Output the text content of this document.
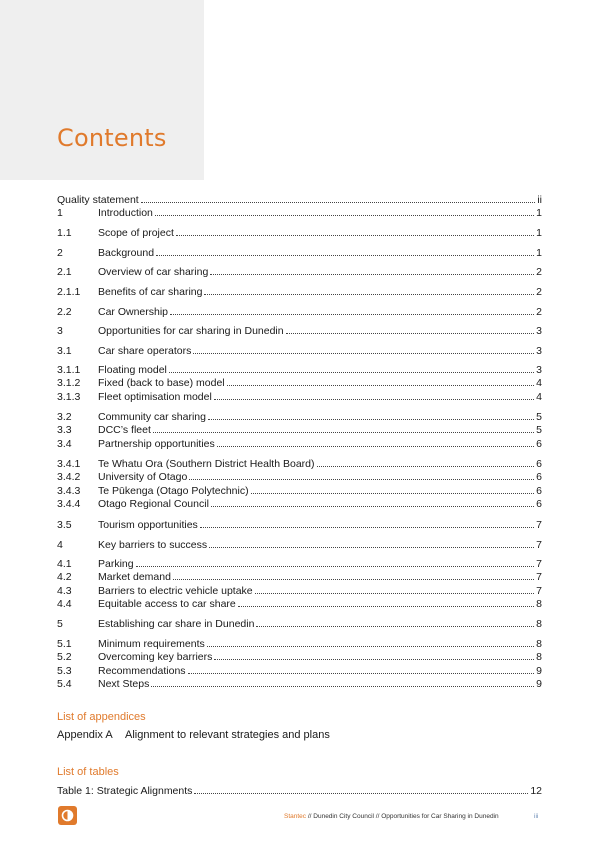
Contents
Quality statement	ii
1	Introduction	1
1.1	Scope of project	1
2	Background	1
2.1	Overview of car sharing	2
2.1.1	Benefits of car sharing	2
2.2	Car Ownership	2
3	Opportunities for car sharing in Dunedin	3
3.1	Car share operators	3
3.1.1	Floating model	3
3.1.2	Fixed (back to base) model	4
3.1.3	Fleet optimisation model	4
3.2	Community car sharing	5
3.3	DCC’s fleet	5
3.4	Partnership opportunities	6
3.4.1	Te Whatu Ora (Southern District Health Board)	6
3.4.2	University of Otago	6
3.4.3	Te Pūkenga (Otago Polytechnic)	6
3.4.4	Otago Regional Council	6
3.5	Tourism opportunities	7
4	Key barriers to success	7
4.1	Parking	7
4.2	Market demand	7
4.3	Barriers to electric vehicle uptake	7
4.4	Equitable access to car share	8
5	Establishing car share in Dunedin	8
5.1	Minimum requirements	8
5.2	Overcoming key barriers	8
5.3	Recommendations	9
5.4	Next Steps	9
List of appendices
Appendix A Alignment to relevant strategies and plans
List of tables
Table 1: Strategic Alignments	12
Stantec // Dunedin City Council // Opportunities for Car Sharing in Dunedin	iii
